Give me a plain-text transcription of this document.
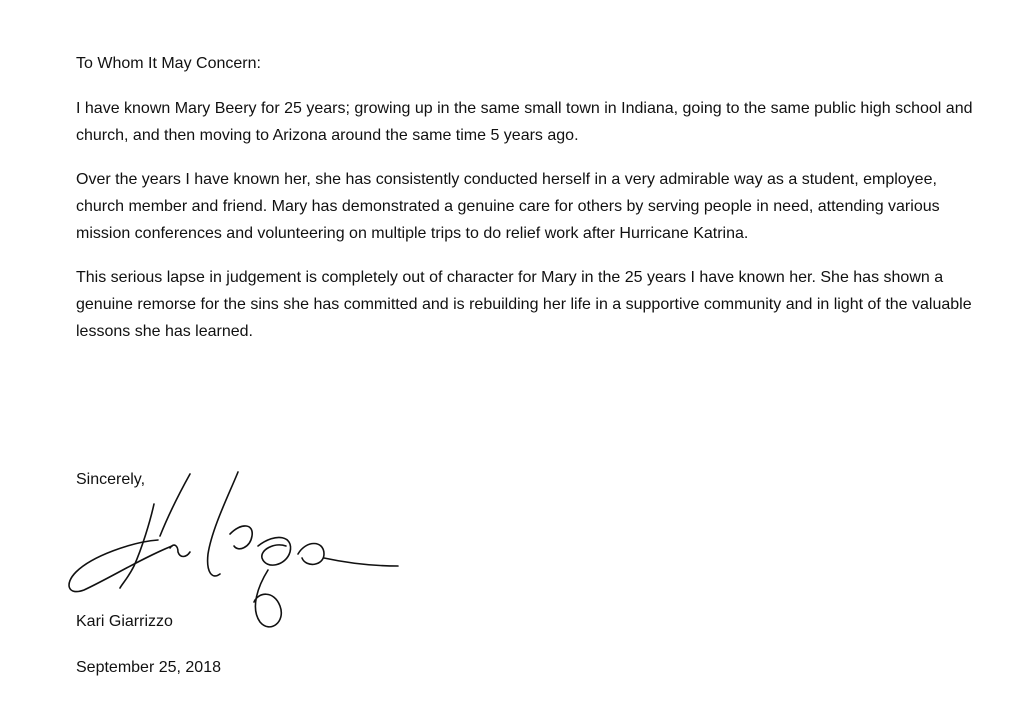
To Whom It May Concern:

I have known Mary Beery for 25 years; growing up in the same small town in Indiana, going to the same public high school and church, and then moving to Arizona around the same time 5 years ago.

Over the years I have known her, she has consistently conducted herself in a very admirable way as a student, employee, church member and friend. Mary has demonstrated a genuine care for others by serving people in need, attending various mission conferences and volunteering on multiple trips to do relief work after Hurricane Katrina.

This serious lapse in judgement is completely out of character for Mary in the 25 years I have known her. She has shown a genuine remorse for the sins she has committed and is rebuilding her life in a supportive community and in light of the valuable lessons she has learned.

Sincerely,
Kari Giarrizzo
September 25, 2018
